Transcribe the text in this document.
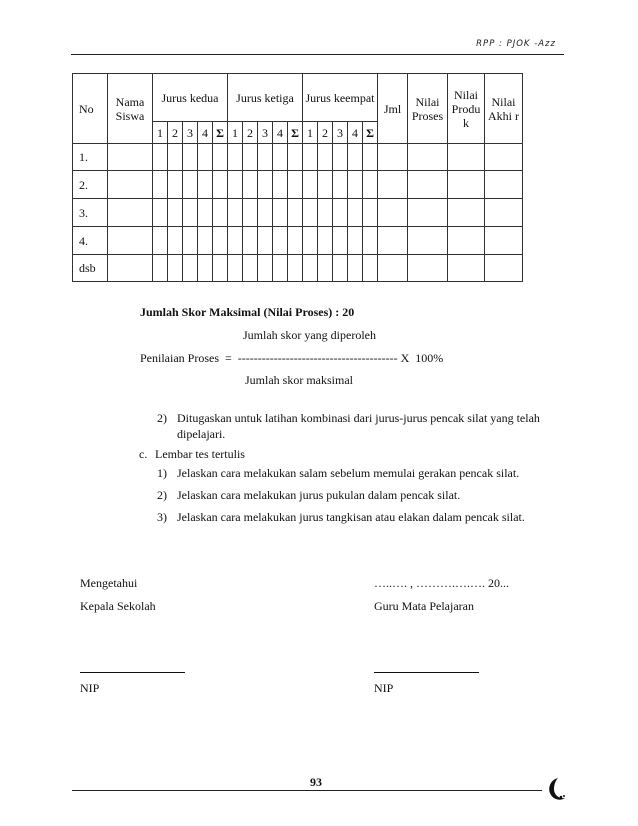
RPP : PJOK -Azz
No	Nama Siswa	Jurus kedua					Jurus ketiga					Jurus keempat					Jml	Nilai Proses	Nilai Produ k	Nilai Akhi r
		1	2	3	4	Σ	1	2	3	4	Σ	1	2	3	4	Σ				
1.																				
2.																				
3.																				
4.																				
dsb																				
Jumlah Skor Maksimal (Nilai Proses) : 20
Jumlah skor yang diperoleh
Penilaian Proses  =  ---------------------------------------- X  100%
Jumlah skor maksimal
2) Ditugaskan untuk latihan kombinasi dari jurus-jurus pencak silat yang telah
dipelajari.
c. Lembar tes tertulis
1) Jelaskan cara melakukan salam sebelum memulai gerakan pencak silat.
2) Jelaskan cara melakukan jurus pukulan dalam pencak silat.
3) Jelaskan cara melakukan jurus tangkisan atau elakan dalam pencak silat.
Mengetahui
Kepala Sekolah
NIP
…..…. , ……….….…. 20...
Guru Mata Pelajaran
NIP
93
